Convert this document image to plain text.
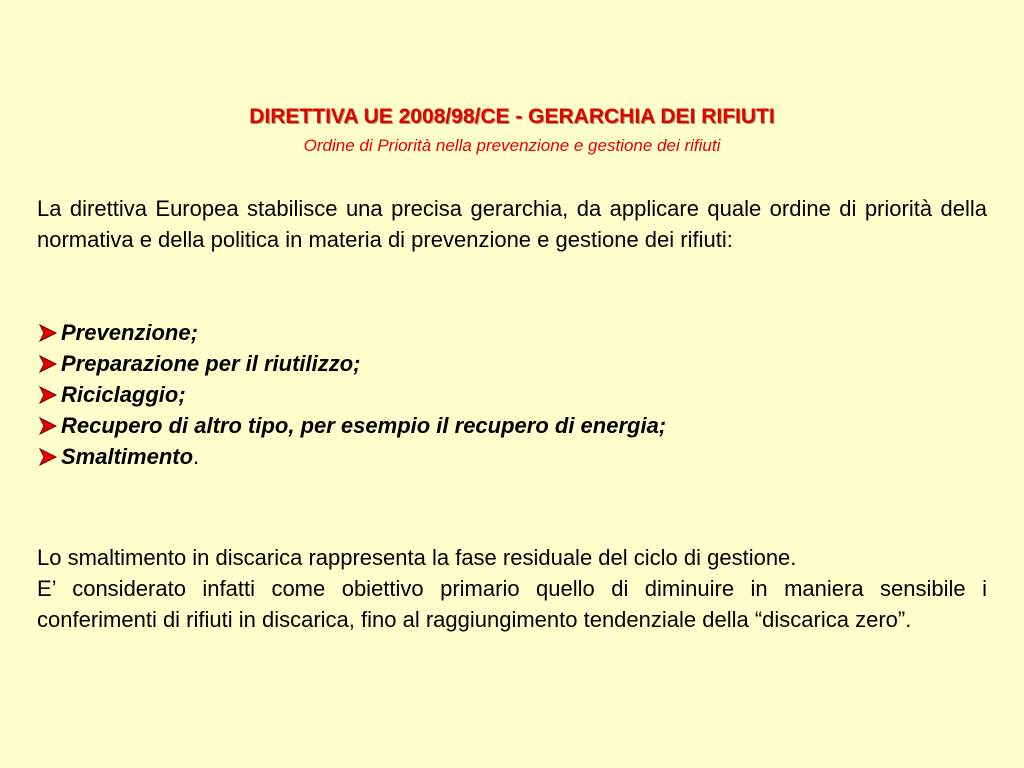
DIRETTIVA UE 2008/98/CE - GERARCHIA DEI RIFIUTI
Ordine di Priorità nella prevenzione e gestione dei rifiuti
La direttiva Europea stabilisce una precisa gerarchia, da applicare quale ordine di priorità della normativa e della politica in materia di prevenzione e gestione dei rifiuti:
Prevenzione;
Preparazione per il riutilizzo;
Riciclaggio;
Recupero di altro tipo, per esempio il recupero di energia;
Smaltimento .

Lo smaltimento in discarica rappresenta la fase residuale del ciclo di gestione.

E’ considerato infatti come obiettivo primario quello di diminuire in maniera sensibile i conferimenti di rifiuti in discarica, fino al raggiungimento tendenziale della “discarica zero”.
